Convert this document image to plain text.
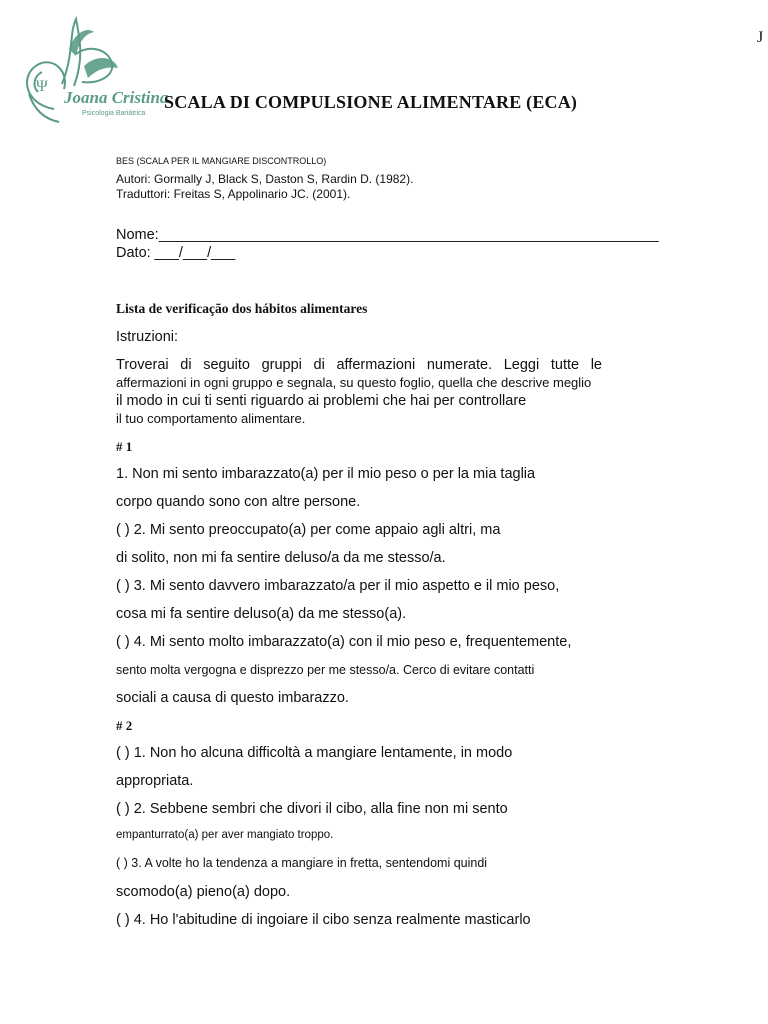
J
Ψ
Joana Cristina
Psicologia Bariátrica
SCALA DI COMPULSIONE ALIMENTARE (ECA)
BES (SCALA PER IL MANGIARE DISCONTROLLO)
Autori: Gormally J, Black S, Daston S, Rardin D. (1982).
Traduttori: Freitas S, Appolinario JC. (2001).
Nome:______________________________________________________________
Dato: ___/___/___
Lista de verificação dos hábitos alimentares
Istruzioni:
Troverai di seguito gruppi di affermazioni numerate. Leggi tutte le
affermazioni in ogni gruppo e segnala, su questo foglio, quella che descrive meglio
il modo in cui ti senti riguardo ai problemi che hai per controllare
il tuo comportamento alimentare.
# 1
1. Non mi sento imbarazzato(a) per il mio peso o per la mia taglia
corpo quando sono con altre persone.
( ) 2. Mi sento preoccupato(a) per come appaio agli altri, ma
di solito, non mi fa sentire deluso/a da me stesso/a.
( ) 3. Mi sento davvero imbarazzato/a per il mio aspetto e il mio peso,
cosa mi fa sentire deluso(a) da me stesso(a).
( ) 4. Mi sento molto imbarazzato(a) con il mio peso e, frequentemente,
sento molta vergogna e disprezzo per me stesso/a. Cerco di evitare contatti
sociali a causa di questo imbarazzo.
# 2
( ) 1. Non ho alcuna difficoltà a mangiare lentamente, in modo
appropriata.
( ) 2. Sebbene sembri che divori il cibo, alla fine non mi sento
empanturrato(a) per aver mangiato troppo.
( ) 3. A volte ho la tendenza a mangiare in fretta, sentendomi quindi
scomodo(a) pieno(a) dopo.
( ) 4. Ho l'abitudine di ingoiare il cibo senza realmente masticarlo
